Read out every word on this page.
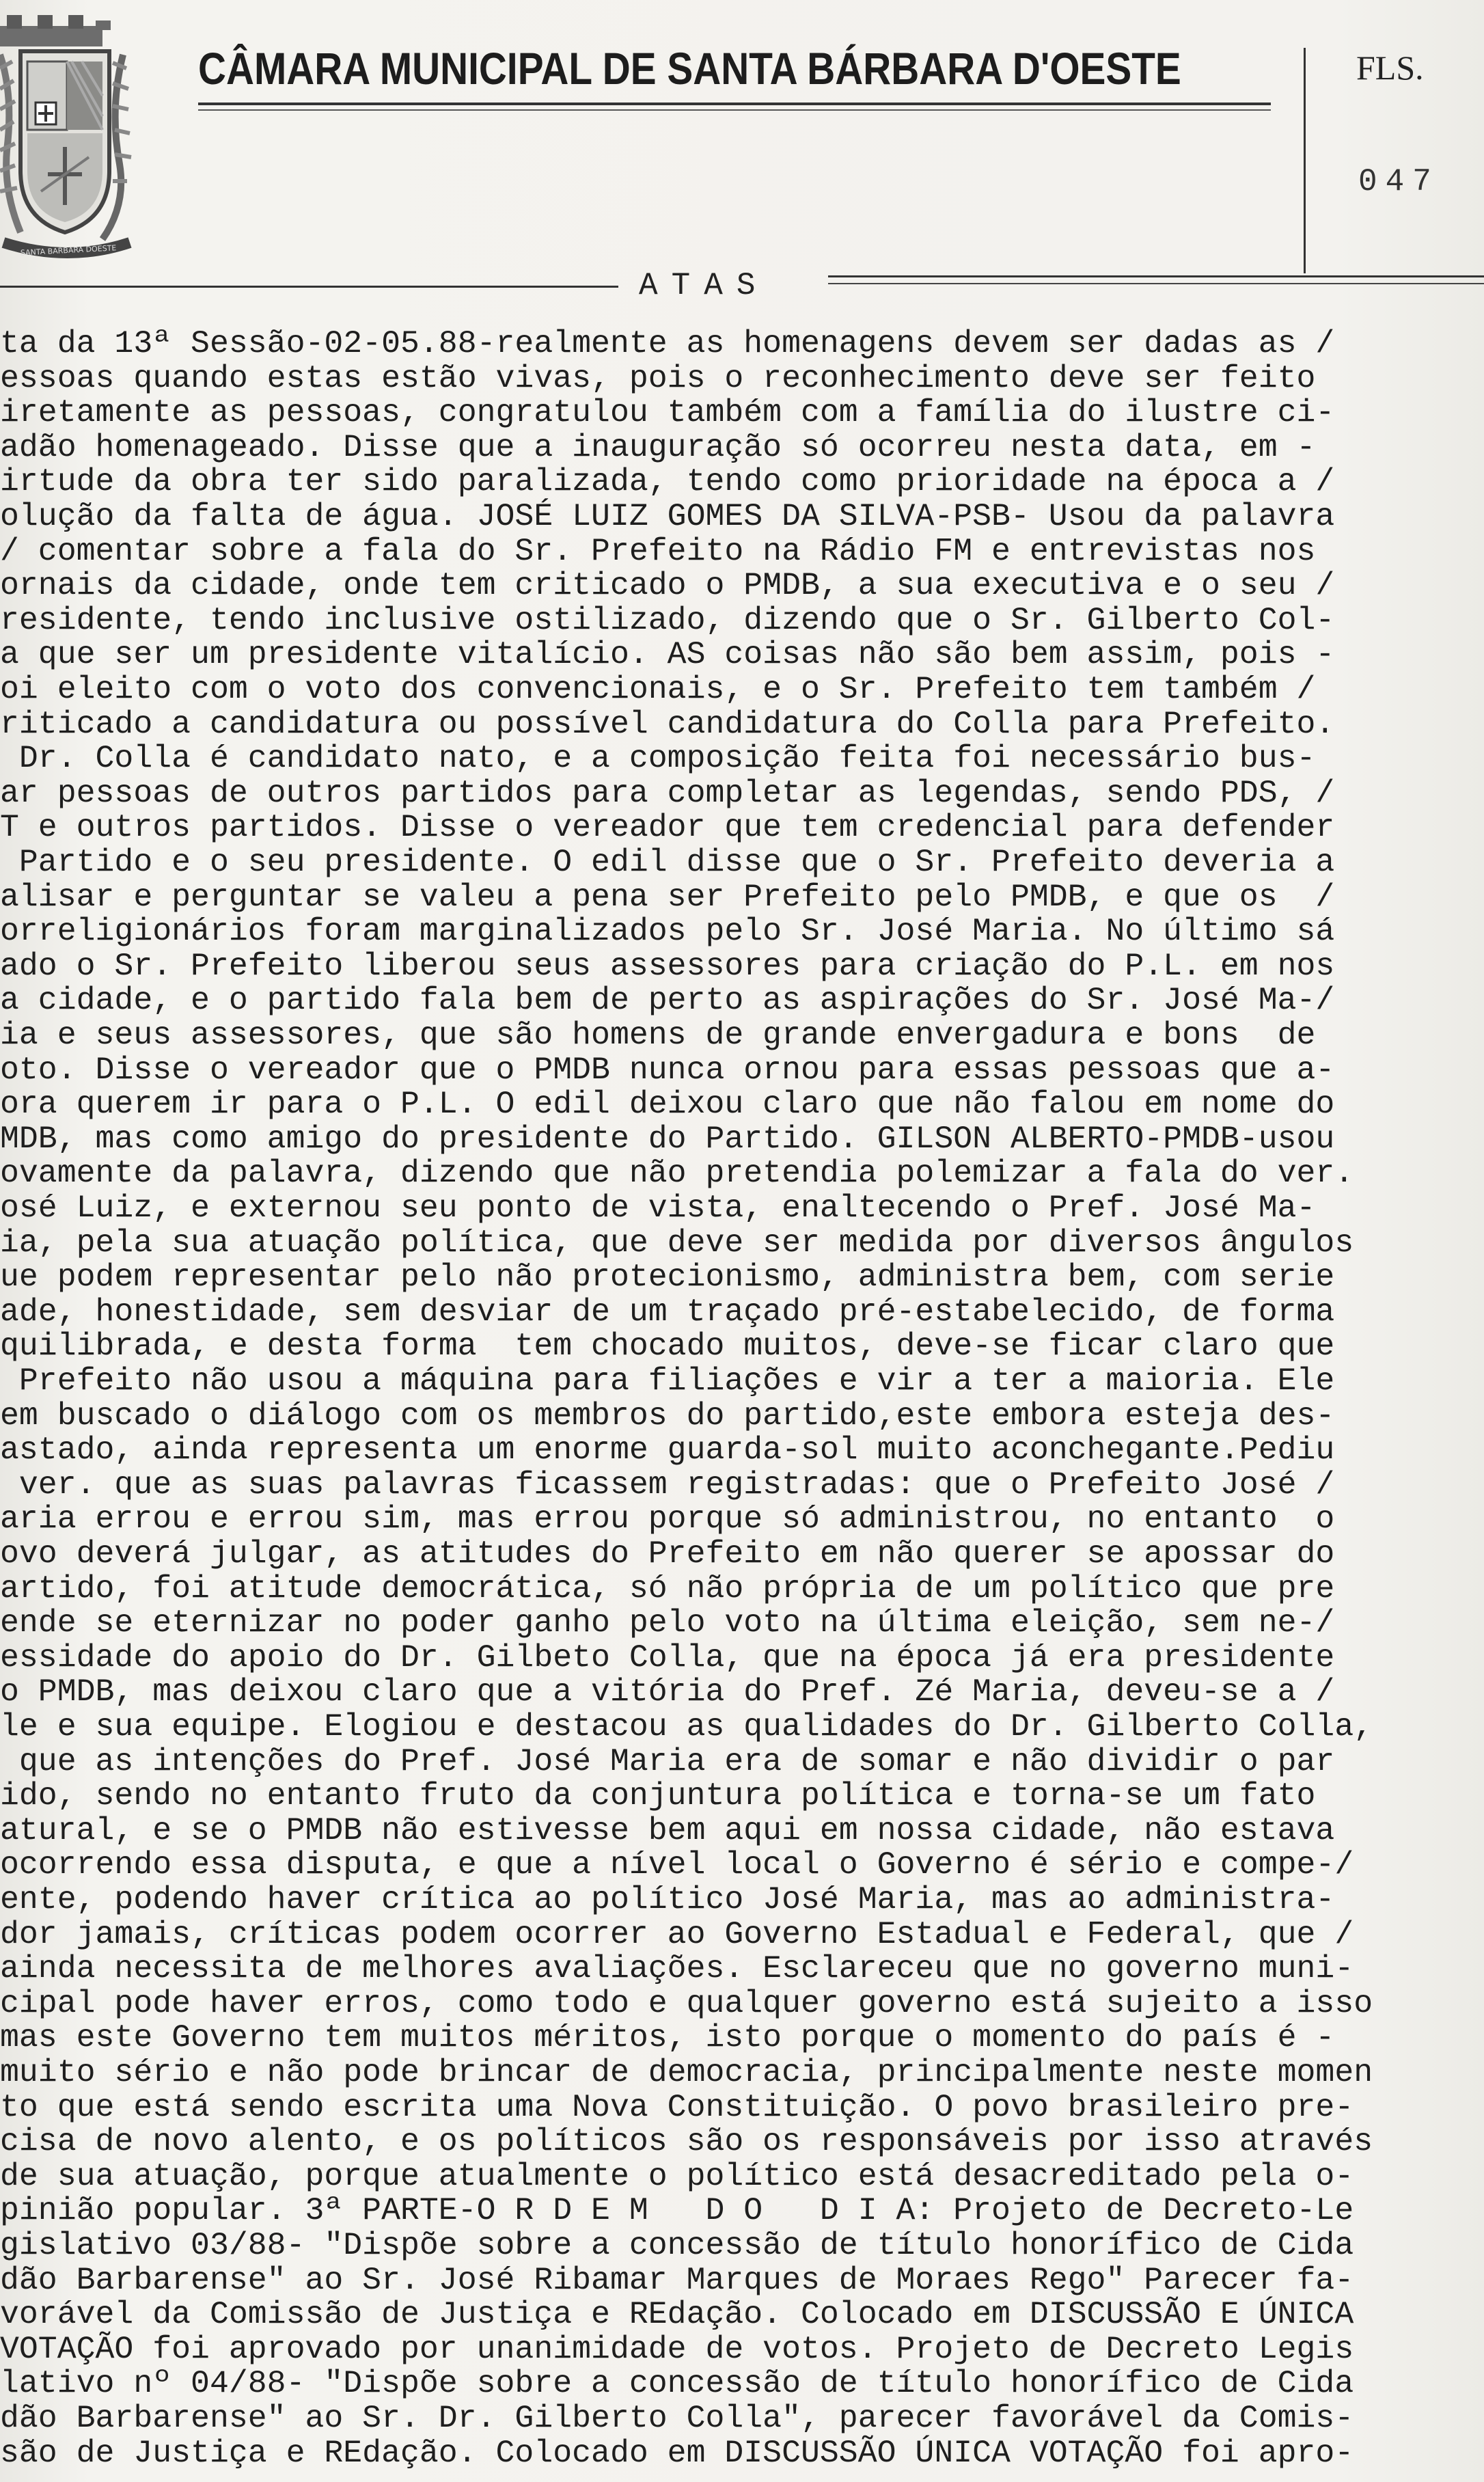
SANTA BARBARA DOESTE
CÂMARA MUNICIPAL DE SANTA BÁRBARA D'OESTE	FLS.
047
ATAS
ta da 13ª Sessão-02-05.88-realmente as homenagens devem ser dadas as /
essoas quando estas estão vivas, pois o reconhecimento deve ser feito
iretamente as pessoas, congratulou também com a família do ilustre ci-
adão homenageado. Disse que a inauguração só ocorreu nesta data, em -
irtude da obra ter sido paralizada, tendo como prioridade na época a /
olução da falta de água. JOSÉ LUIZ GOMES DA SILVA-PSB- Usou da palavra
/ comentar sobre a fala do Sr. Prefeito na Rádio FM e entrevistas nos
ornais da cidade, onde tem criticado o PMDB, a sua executiva e o seu /
residente, tendo inclusive ostilizado, dizendo que o Sr. Gilberto Col-
a que ser um presidente vitalício. AS coisas não são bem assim, pois -
oi eleito com o voto dos convencionais, e o Sr. Prefeito tem também /
riticado a candidatura ou possível candidatura do Colla para Prefeito.
Dr. Colla é candidato nato, e a composição feita foi necessário bus-
ar pessoas de outros partidos para completar as legendas, sendo PDS, /
T e outros partidos. Disse o vereador que tem credencial para defender
Partido e o seu presidente. O edil disse que o Sr. Prefeito deveria a
alisar e perguntar se valeu a pena ser Prefeito pelo PMDB, e que os  /
orreligionários foram marginalizados pelo Sr. José Maria. No último sá
ado o Sr. Prefeito liberou seus assessores para criação do P.L. em nos
a cidade, e o partido fala bem de perto as aspirações do Sr. José Ma-/
ia e seus assessores, que são homens de grande envergadura e bons  de
oto. Disse o vereador que o PMDB nunca ornou para essas pessoas que a-
ora querem ir para o P.L. O edil deixou claro que não falou em nome do
MDB, mas como amigo do presidente do Partido. GILSON ALBERTO-PMDB-usou
ovamente da palavra, dizendo que não pretendia polemizar a fala do ver.
osé Luiz, e externou seu ponto de vista, enaltecendo o Pref. José Ma-
ia, pela sua atuação política, que deve ser medida por diversos ângulos
ue podem representar pelo não protecionismo, administra bem, com serie
ade, honestidade, sem desviar de um traçado pré-estabelecido, de forma
quilibrada, e desta forma  tem chocado muitos, deve-se ficar claro que
Prefeito não usou a máquina para filiações e vir a ter a maioria. Ele
em buscado o diálogo com os membros do partido,este embora esteja des-
astado, ainda representa um enorme guarda-sol muito aconchegante.Pediu
ver. que as suas palavras ficassem registradas: que o Prefeito José /
aria errou e errou sim, mas errou porque só administrou, no entanto  o
ovo deverá julgar, as atitudes do Prefeito em não querer se apossar do
artido, foi atitude democrática, só não própria de um político que pre
ende se eternizar no poder ganho pelo voto na última eleição, sem ne-/
essidade do apoio do Dr. Gilbeto Colla, que na época já era presidente
o PMDB, mas deixou claro que a vitória do Pref. Zé Maria, deveu-se a /
le e sua equipe. Elogiou e destacou as qualidades do Dr. Gilberto Colla,
que as intenções do Pref. José Maria era de somar e não dividir o par
ido, sendo no entanto fruto da conjuntura política e torna-se um fato
atural, e se o PMDB não estivesse bem aqui em nossa cidade, não estava
ocorrendo essa disputa, e que a nível local o Governo é sério e compe-/
ente, podendo haver crítica ao político José Maria, mas ao administra-
dor jamais, críticas podem ocorrer ao Governo Estadual e Federal, que /
ainda necessita de melhores avaliações. Esclareceu que no governo muni-
cipal pode haver erros, como todo e qualquer governo está sujeito a isso
mas este Governo tem muitos méritos, isto porque o momento do país é -
muito sério e não pode brincar de democracia, principalmente neste momen
to que está sendo escrita uma Nova Constituição. O povo brasileiro pre-
cisa de novo alento, e os políticos são os responsáveis por isso através
de sua atuação, porque atualmente o político está desacreditado pela o-
pinião popular. 3ª PARTE-O R D E M   D O   D I A: Projeto de Decreto-Le
gislativo 03/88- "Dispõe sobre a concessão de título honorífico de Cida
dão Barbarense" ao Sr. José Ribamar Marques de Moraes Rego" Parecer fa-
vorável da Comissão de Justiça e REdação. Colocado em DISCUSSÃO E ÚNICA
VOTAÇÃO foi aprovado por unanimidade de votos. Projeto de Decreto Legis
lativo nº 04/88- "Dispõe sobre a concessão de título honorífico de Cida
dão Barbarense" ao Sr. Dr. Gilberto Colla", parecer favorável da Comis-
são de Justiça e REdação. Colocado em DISCUSSÃO ÚNICA VOTAÇÃO foi apro-
